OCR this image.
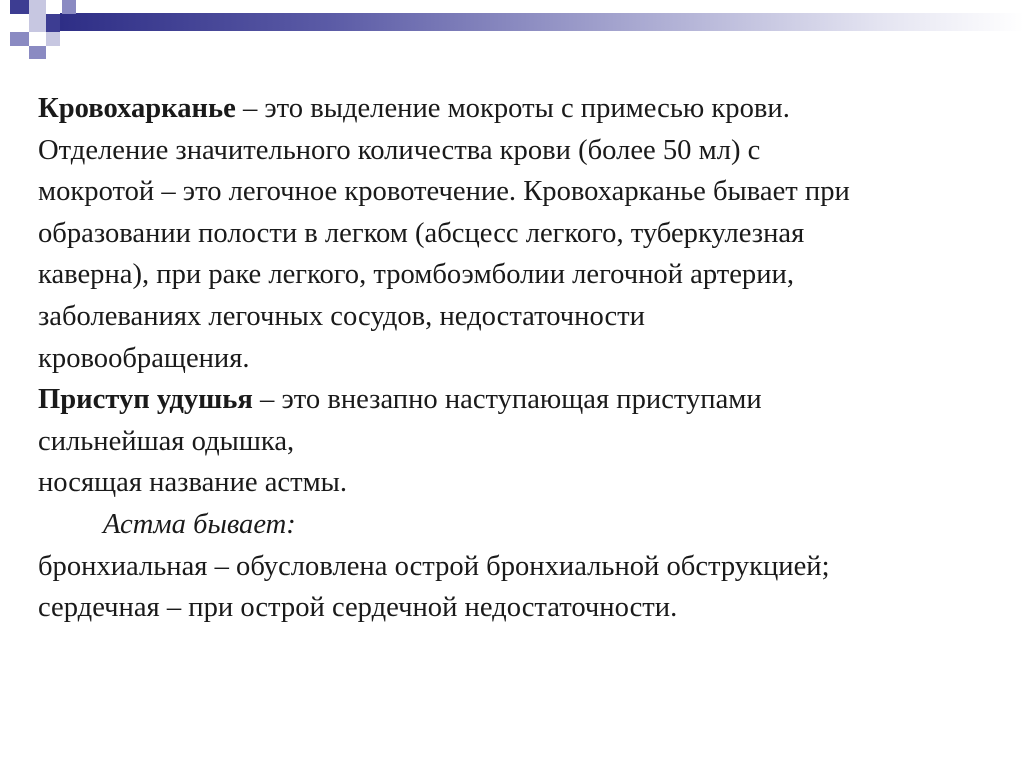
Кровохарканье – это выделение мокроты с примесью крови.
Отделение значительного количества крови (более 50 мл) с
мокротой – это легочное кровотечение. Кровохарканье бывает при
образовании полости в легком (абсцесс легкого, туберкулезная
каверна), при раке легкого, тромбоэмболии легочной артерии,
заболеваниях легочных сосудов, недостаточности
кровообращения.
Приступ удушья – это внезапно наступающая приступами
сильнейшая одышка,
носящая название астмы.
Астма бывает:
бронхиальная – обусловлена острой бронхиальной обструкцией;
сердечная – при острой сердечной недостаточности.
